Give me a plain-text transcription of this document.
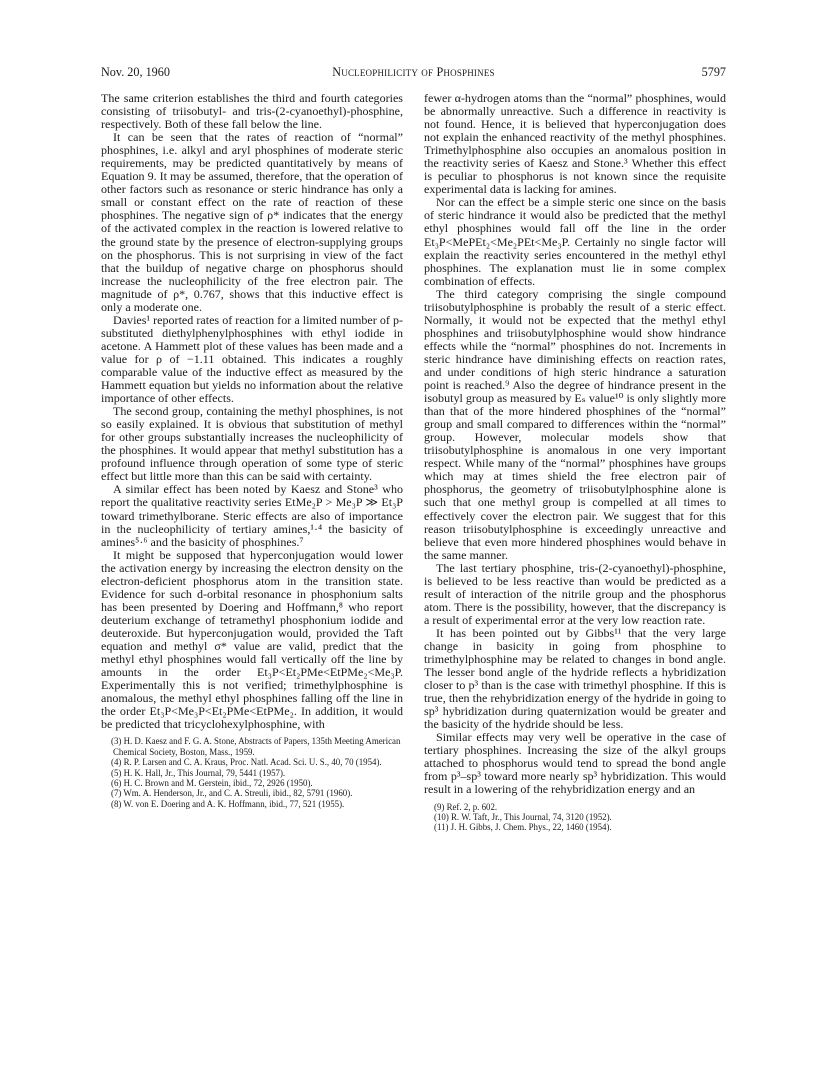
Nov. 20, 1960	Nucleophilicity of Phosphines	5797

The same criterion establishes the third and fourth categories consisting of triisobutyl- and tris-(2-cyanoethyl)-phosphine, respectively. Both of these fall below the line.

It can be seen that the rates of reaction of “normal” phosphines, i.e. alkyl and aryl phosphines of moderate steric requirements, may be predicted quantitatively by means of Equation 9. It may be assumed, therefore, that the operation of other factors such as resonance or steric hindrance has only a small or constant effect on the rate of reaction of these phosphines. The negative sign of ρ* indicates that the energy of the activated complex in the reaction is lowered relative to the ground state by the presence of electron-supplying groups on the phosphorus. This is not surprising in view of the fact that the buildup of negative charge on phosphorus should increase the nucleophilicity of the free electron pair. The magnitude of ρ*, 0.767, shows that this inductive effect is only a moderate one.

Davies¹ reported rates of reaction for a limited number of p-substituted diethylphenylphosphines with ethyl iodide in acetone. A Hammett plot of these values has been made and a value for ρ of −1.11 obtained. This indicates a roughly comparable value of the inductive effect as measured by the Hammett equation but yields no information about the relative importance of other effects.

The second group, containing the methyl phosphines, is not so easily explained. It is obvious that substitution of methyl for other groups substantially increases the nucleophilicity of the phosphines. It would appear that methyl substitution has a profound influence through operation of some type of steric effect but little more than this can be said with certainty.

A similar effect has been noted by Kaesz and Stone³ who report the qualitative reactivity series EtMe₂P > Me₃P ≫ Et₃P toward trimethylborane. Steric effects are also of importance in the nucleophilicity of tertiary amines,¹·⁴ the basicity of amines⁵·⁶ and the basicity of phosphines.⁷

It might be supposed that hyperconjugation would lower the activation energy by increasing the electron density on the electron-deficient phosphorus atom in the transition state. Evidence for such d-orbital resonance in phosphonium salts has been presented by Doering and Hoffmann,⁸ who report deuterium exchange of tetramethyl phosphonium iodide and deuteroxide. But hyperconjugation would, provided the Taft equation and methyl σ* value are valid, predict that the methyl ethyl phosphines would fall vertically off the line by amounts in the order Et₃P<Et₂PMe<EtPMe₂<Me₃P. Experimentally this is not verified; trimethylphosphine is anomalous, the methyl ethyl phosphines falling off the line in the order Et₃P<Me₃P<Et₂PMe<EtPMe₂. In addition, it would be predicted that tricyclohexylphosphine, with

(3) H. D. Kaesz and F. G. A. Stone, Abstracts of Papers, 135th Meeting American Chemical Society, Boston, Mass., 1959.
(4) R. P. Larsen and C. A. Kraus, Proc. Natl. Acad. Sci. U. S., 40, 70 (1954).
(5) H. K. Hall, Jr., This Journal, 79, 5441 (1957).
(6) H. C. Brown and M. Gerstein, ibid., 72, 2926 (1950).
(7) Wm. A. Henderson, Jr., and C. A. Streuli, ibid., 82, 5791 (1960).
(8) W. von E. Doering and A. K. Hoffmann, ibid., 77, 521 (1955).

fewer α-hydrogen atoms than the “normal” phosphines, would be abnormally unreactive. Such a difference in reactivity is not found. Hence, it is believed that hyperconjugation does not explain the enhanced reactivity of the methyl phosphines. Trimethylphosphine also occupies an anomalous position in the reactivity series of Kaesz and Stone.³ Whether this effect is peculiar to phosphorus is not known since the requisite experimental data is lacking for amines.

Nor can the effect be a simple steric one since on the basis of steric hindrance it would also be predicted that the methyl ethyl phosphines would fall off the line in the order Et₃P<MePEt₂<Me₂PEt<Me₃P. Certainly no single factor will explain the reactivity series encountered in the methyl ethyl phosphines. The explanation must lie in some complex combination of effects.

The third category comprising the single compound triisobutylphosphine is probably the result of a steric effect. Normally, it would not be expected that the methyl ethyl phosphines and triisobutylphosphine would show hindrance effects while the “normal” phosphines do not. Increments in steric hindrance have diminishing effects on reaction rates, and under conditions of high steric hindrance a saturation point is reached.⁹ Also the degree of hindrance present in the isobutyl group as measured by Eₛ value¹⁰ is only slightly more than that of the more hindered phosphines of the “normal” group and small compared to differences within the “normal” group. However, molecular models show that triisobutylphosphine is anomalous in one very important respect. While many of the “normal” phosphines have groups which may at times shield the free electron pair of phosphorus, the geometry of triisobutylphosphine alone is such that one methyl group is compelled at all times to effectively cover the electron pair. We suggest that for this reason triisobutylphosphine is exceedingly unreactive and believe that even more hindered phosphines would behave in the same manner.

The last tertiary phosphine, tris-(2-cyanoethyl)-phosphine, is believed to be less reactive than would be predicted as a result of interaction of the nitrile group and the phosphorus atom. There is the possibility, however, that the discrepancy is a result of experimental error at the very low reaction rate.

It has been pointed out by Gibbs¹¹ that the very large change in basicity in going from phosphine to trimethylphosphine may be related to changes in bond angle. The lesser bond angle of the hydride reflects a hybridization closer to p³ than is the case with trimethyl phosphine. If this is true, then the rehybridization energy of the hydride in going to sp³ hybridization during quaternization would be greater and the basicity of the hydride should be less.

Similar effects may very well be operative in the case of tertiary phosphines. Increasing the size of the alkyl groups attached to phosphorus would tend to spread the bond angle from p³–sp³ toward more nearly sp³ hybridization. This would result in a lowering of the rehybridization energy and an

(9) Ref. 2, p. 602.
(10) R. W. Taft, Jr., This Journal, 74, 3120 (1952).
(11) J. H. Gibbs, J. Chem. Phys., 22, 1460 (1954).
